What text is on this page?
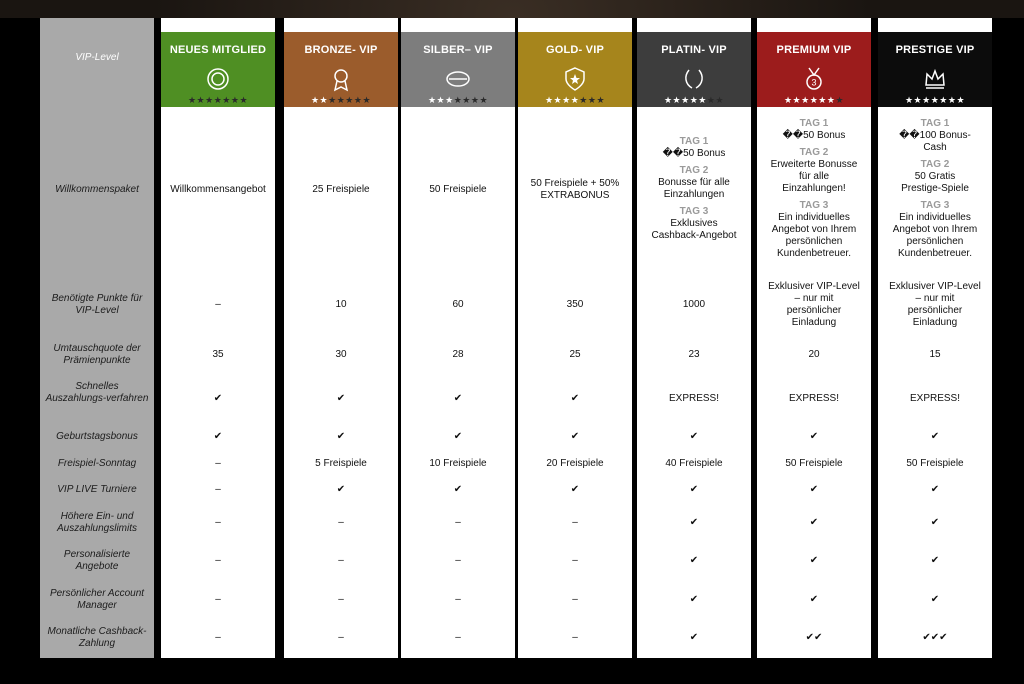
VIP-Level
Willkommenspaket
Benötigte Punkte für VIP-Level
Umtauschquote der Prämienpunkte
Schnelles Auszahlungs-verfahren
Geburtstagsbonus
Freispiel-Sonntag
VIP LIVE Turniere
Höhere Ein- und Auszahlungslimits
Personalisierte Angebote
Persönlicher Account Manager
Monatliche Cashback-Zahlung
NEUES MITGLIED
★★★★★★★
Willkommensangebot
–
35
✔
✔
–
–
–
–
–
–
BRONZE- VIP
★★★★★★★
25 Freispiele
10
30
✔
✔
5 Freispiele
✔
–
–
–
–
SILBER– VIP
★★★★★★★
50 Freispiele
60
28
✔
✔
10 Freispiele
✔
–
–
–
–
GOLD- VIP
★★★★★★★
50 Freispiele + 50%
EXTRABONUS
350
25
✔
✔
20 Freispiele
✔
–
–
–
–
PLATIN- VIP
★★★★★★★
TAG 1
��50 Bonus
TAG 2
Bonusse für alle
Einzahlungen
TAG 3
Exklusives
Cashback-Angebot
1000
23
EXPRESS!
✔
40 Freispiele
✔
✔
✔
✔
✔
PREMIUM VIP
3
★★★★★★★
TAG 1
��50 Bonus
TAG 2
Erweiterte Bonusse
für alle
Einzahlungen!
TAG 3
Ein individuelles
Angebot von Ihrem
persönlichen
Kundenbetreuer.
Exklusiver VIP-Level
– nur mit
persönlicher
Einladung
20
EXPRESS!
✔
50 Freispiele
✔
✔
✔
✔
✔✔
PRESTIGE VIP
★★★★★★★
TAG 1
��100 Bonus-
Cash
TAG 2
50 Gratis
Prestige-Spiele
TAG 3
Ein individuelles
Angebot von Ihrem
persönlichen
Kundenbetreuer.
Exklusiver VIP-Level
– nur mit
persönlicher
Einladung
15
EXPRESS!
✔
50 Freispiele
✔
✔
✔
✔
✔✔✔
